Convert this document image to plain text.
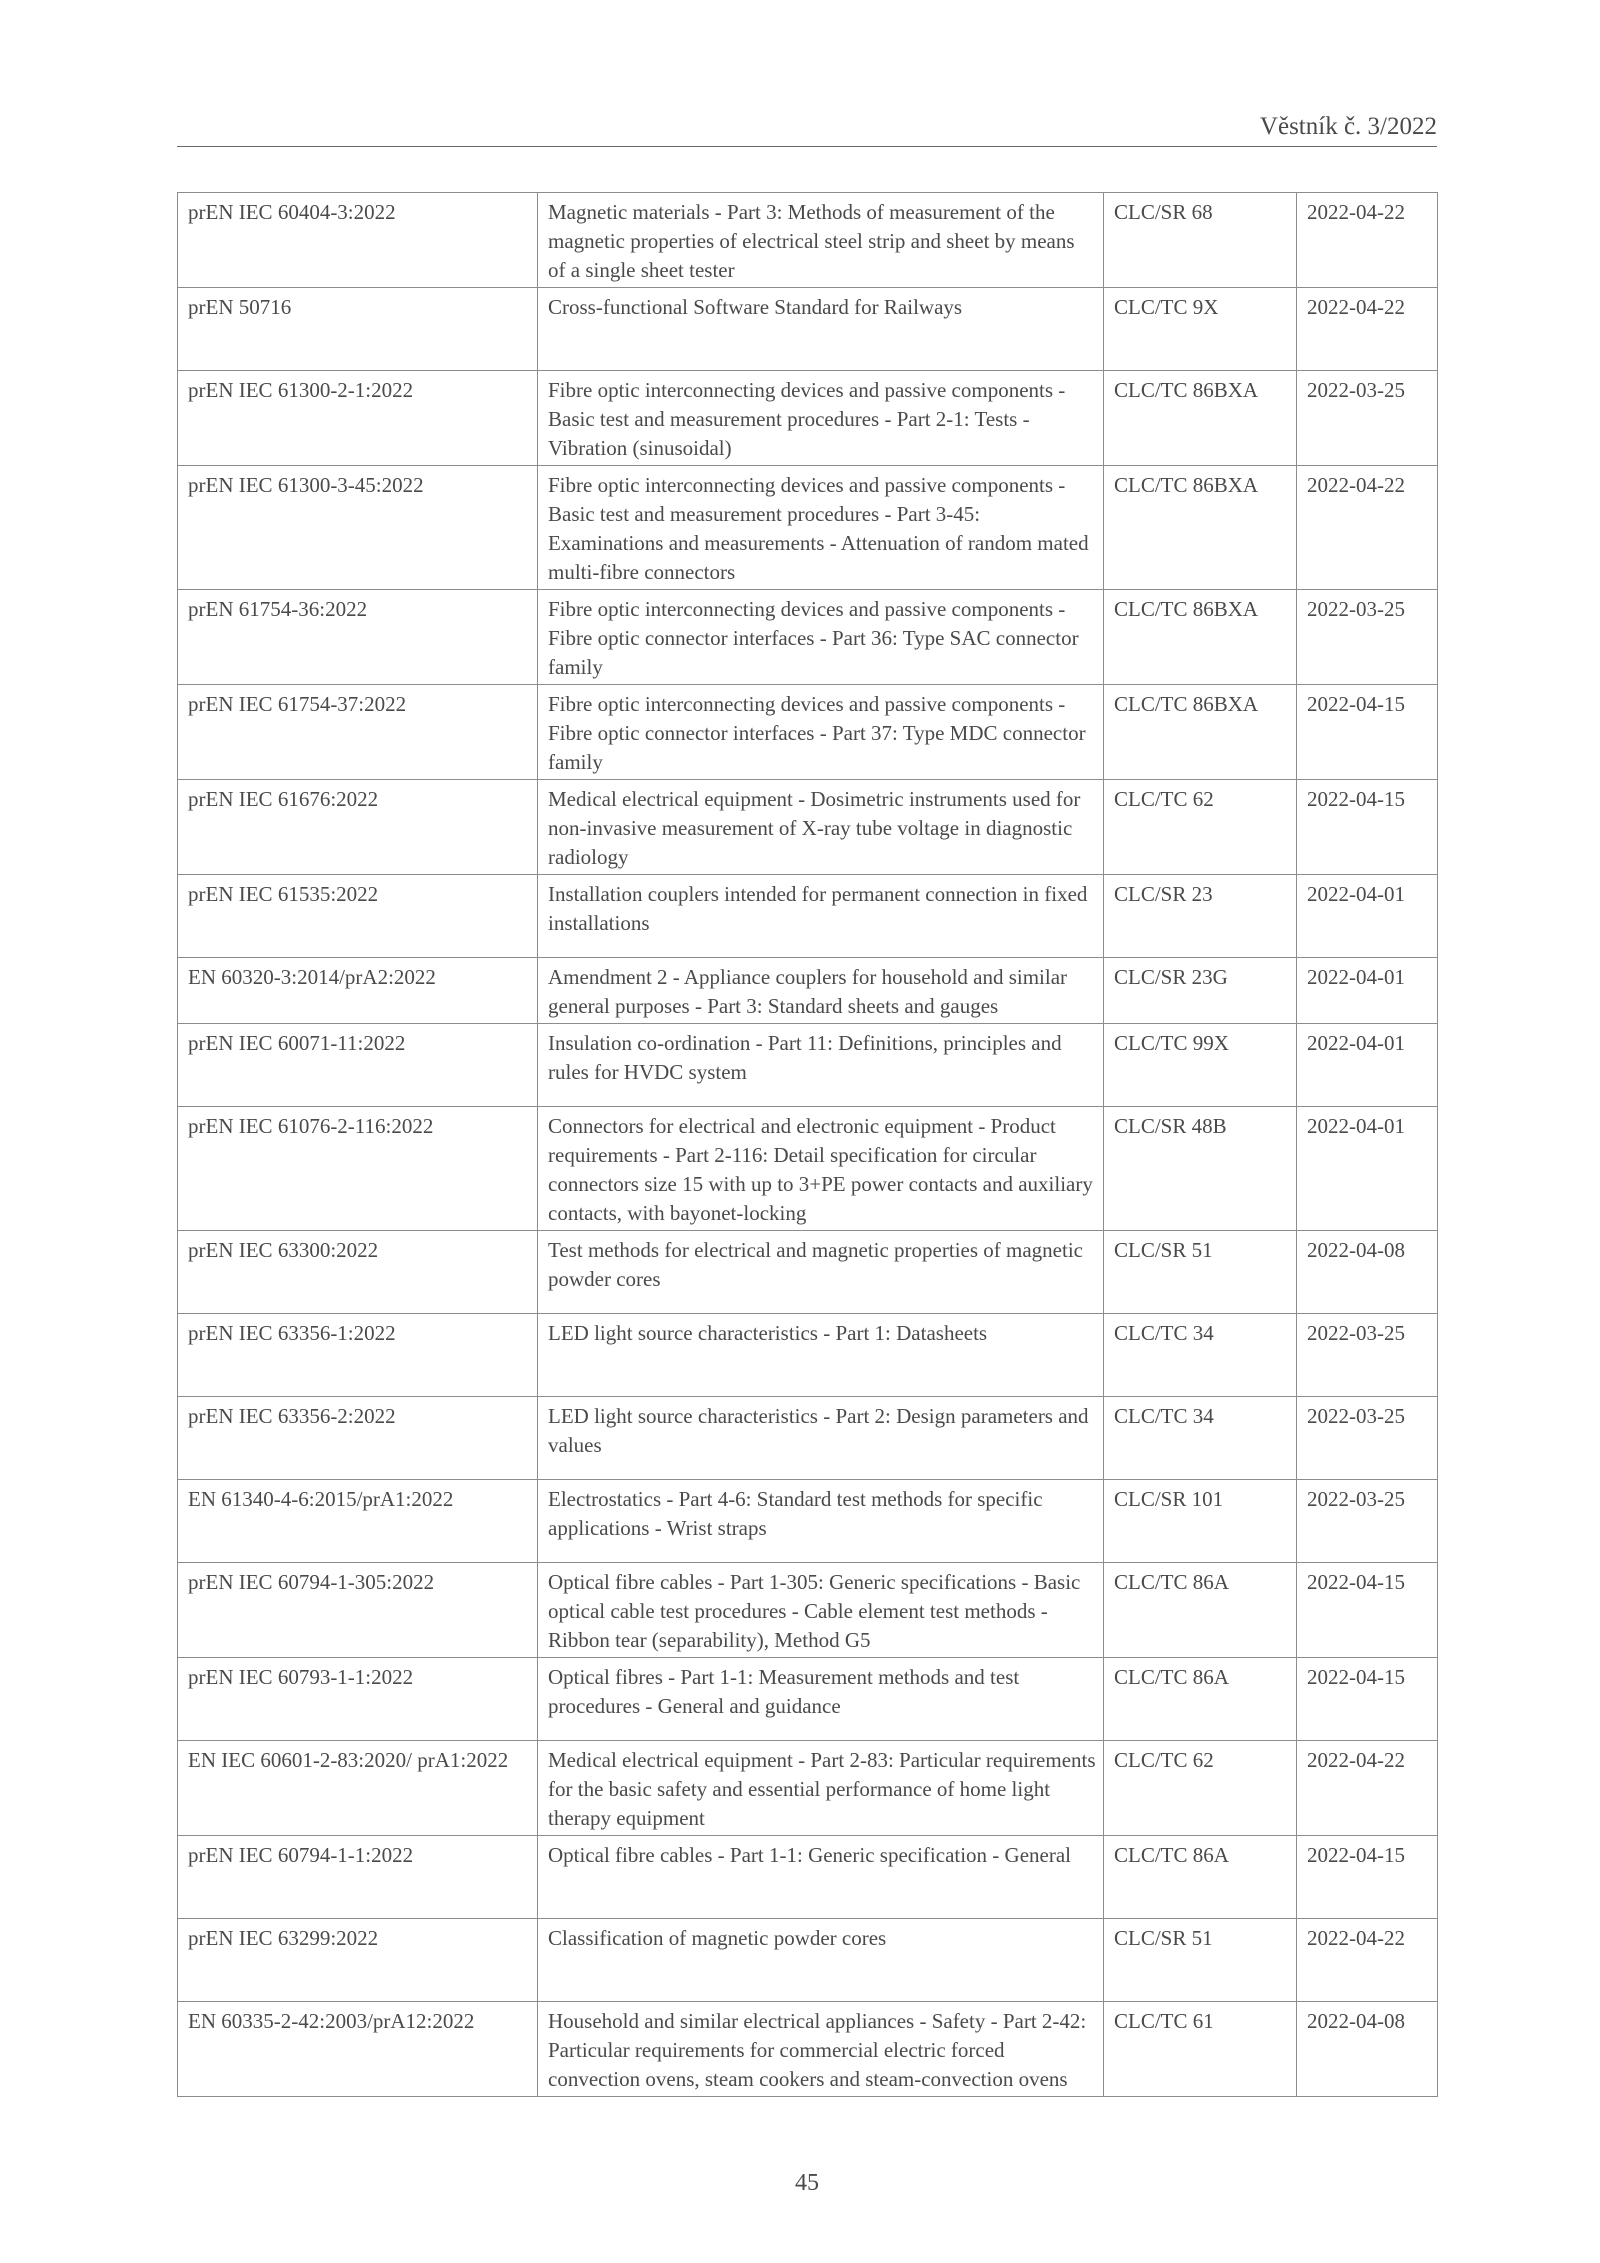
Věstník č. 3/2022
prEN IEC 60404-3:2022	Magnetic materials - Part 3: Methods of measurement of the magnetic properties of electrical steel strip and sheet by means of a single sheet tester	CLC/SR 68	2022-04-22
prEN 50716	Cross-functional Software Standard for Railways	CLC/TC 9X	2022-04-22
prEN IEC 61300-2-1:2022	Fibre optic interconnecting devices and passive components - Basic test and measurement procedures - Part 2-1: Tests - Vibration (sinusoidal)	CLC/TC 86BXA	2022-03-25
prEN IEC 61300-3-45:2022	Fibre optic interconnecting devices and passive components - Basic test and measurement procedures - Part 3-45: Examinations and measurements - Attenuation of random mated multi-fibre connectors	CLC/TC 86BXA	2022-04-22
prEN 61754-36:2022	Fibre optic interconnecting devices and passive components - Fibre optic connector interfaces - Part 36: Type SAC connector family	CLC/TC 86BXA	2022-03-25
prEN IEC 61754-37:2022	Fibre optic interconnecting devices and passive components - Fibre optic connector interfaces - Part 37: Type MDC connector family	CLC/TC 86BXA	2022-04-15
prEN IEC 61676:2022	Medical electrical equipment - Dosimetric instruments used for non-invasive measurement of X-ray tube voltage in diagnostic radiology	CLC/TC 62	2022-04-15
prEN IEC 61535:2022	Installation couplers intended for permanent connection in fixed installations	CLC/SR 23	2022-04-01
EN 60320-3:2014/prA2:2022	Amendment 2 - Appliance couplers for household and similar general purposes - Part 3: Standard sheets and gauges	CLC/SR 23G	2022-04-01
prEN IEC 60071-11:2022	Insulation co-ordination - Part 11: Definitions, principles and rules for HVDC system	CLC/TC 99X	2022-04-01
prEN IEC 61076-2-116:2022	Connectors for electrical and electronic equipment - Product requirements - Part 2-116: Detail specification for circular connectors size 15 with up to 3+PE power contacts and auxiliary contacts, with bayonet-locking	CLC/SR 48B	2022-04-01
prEN IEC 63300:2022	Test methods for electrical and magnetic properties of magnetic powder cores	CLC/SR 51	2022-04-08
prEN IEC 63356-1:2022	LED light source characteristics - Part 1: Datasheets	CLC/TC 34	2022-03-25
prEN IEC 63356-2:2022	LED light source characteristics - Part 2: Design parameters and values	CLC/TC 34	2022-03-25
EN 61340-4-6:2015/prA1:2022	Electrostatics - Part 4-6: Standard test methods for specific applications - Wrist straps	CLC/SR 101	2022-03-25
prEN IEC 60794-1-305:2022	Optical fibre cables - Part 1-305: Generic specifications - Basic optical cable test procedures - Cable element test methods - Ribbon tear (separability), Method G5	CLC/TC 86A	2022-04-15
prEN IEC 60793-1-1:2022	Optical fibres - Part 1-1: Measurement methods and test procedures - General and guidance	CLC/TC 86A	2022-04-15
EN IEC 60601-2-83:2020/ prA1:2022	Medical electrical equipment - Part 2-83: Particular requirements for the basic safety and essential performance of home light therapy equipment	CLC/TC 62	2022-04-22
prEN IEC 60794-1-1:2022	Optical fibre cables - Part 1-1: Generic specification - General	CLC/TC 86A	2022-04-15
prEN IEC 63299:2022	Classification of magnetic powder cores	CLC/SR 51	2022-04-22
EN 60335-2-42:2003/prA12:2022	Household and similar electrical appliances - Safety - Part 2-42: Particular requirements for commercial electric forced convection ovens, steam cookers and steam-convection ovens	CLC/TC 61	2022-04-08
45
